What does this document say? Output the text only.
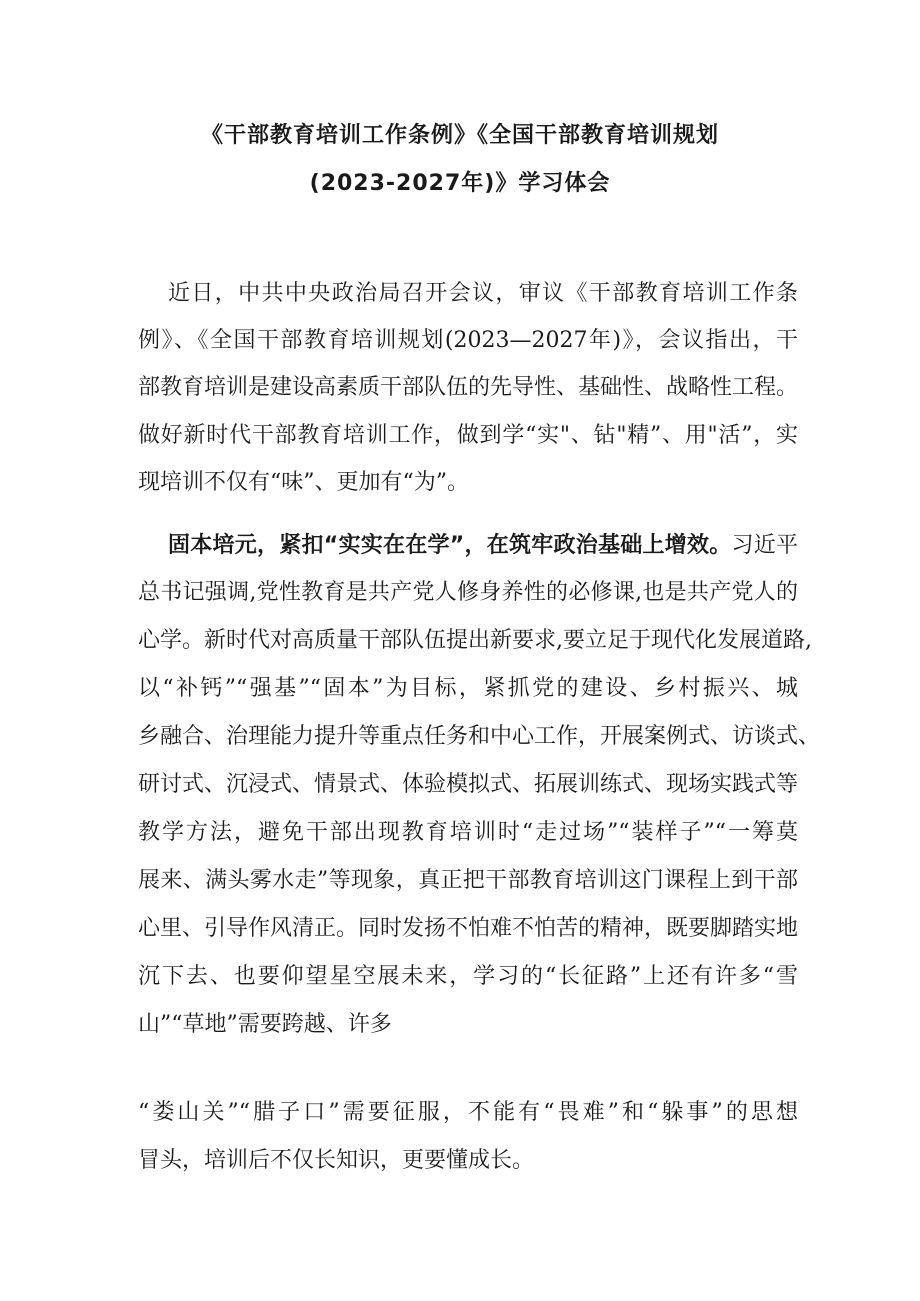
《干部教育培训工作条例》《全国干部教育培训规划
(2023-2027年)》学习体会
近日，中共中央政治局召开会议，审议《干部教育培训工作条
例》、《全国干部教育培训规划(2023—2027年)》，会议指出，干
部教育培训是建设高素质干部队伍的先导性、基础性、战略性工程。
做好新时代干部教育培训工作，做到学“实"、钻"精”、用"活”，实
现培训不仅有“味”、更加有“为”。
固本培元，紧扣“实实在在学”，在筑牢政治基础上增效。习近平
总书记强调,党性教育是共产党人修身养性的必修课,也是共产党人的
心学。新时代对高质量干部队伍提出新要求,要立足于现代化发展道路,
以“补钙”“强基”“固本”为目标，紧抓党的建设、乡村振兴、城
乡融合、治理能力提升等重点任务和中心工作，开展案例式、访谈式、
研讨式、沉浸式、情景式、体验模拟式、拓展训练式、现场实践式等
教学方法，避免干部出现教育培训时“走过场”“装样子”“一筹莫
展来、满头雾水走”等现象，真正把干部教育培训这门课程上到干部
心里、引导作风清正。同时发扬不怕难不怕苦的精神，既要脚踏实地
沉下去、也要仰望星空展未来，学习的“长征路”上还有许多“雪
山”“草地”需要跨越、许多
“娄山关”“腊子口”需要征服，不能有“畏难”和“躲事”的思想
冒头，培训后不仅长知识，更要懂成长。
